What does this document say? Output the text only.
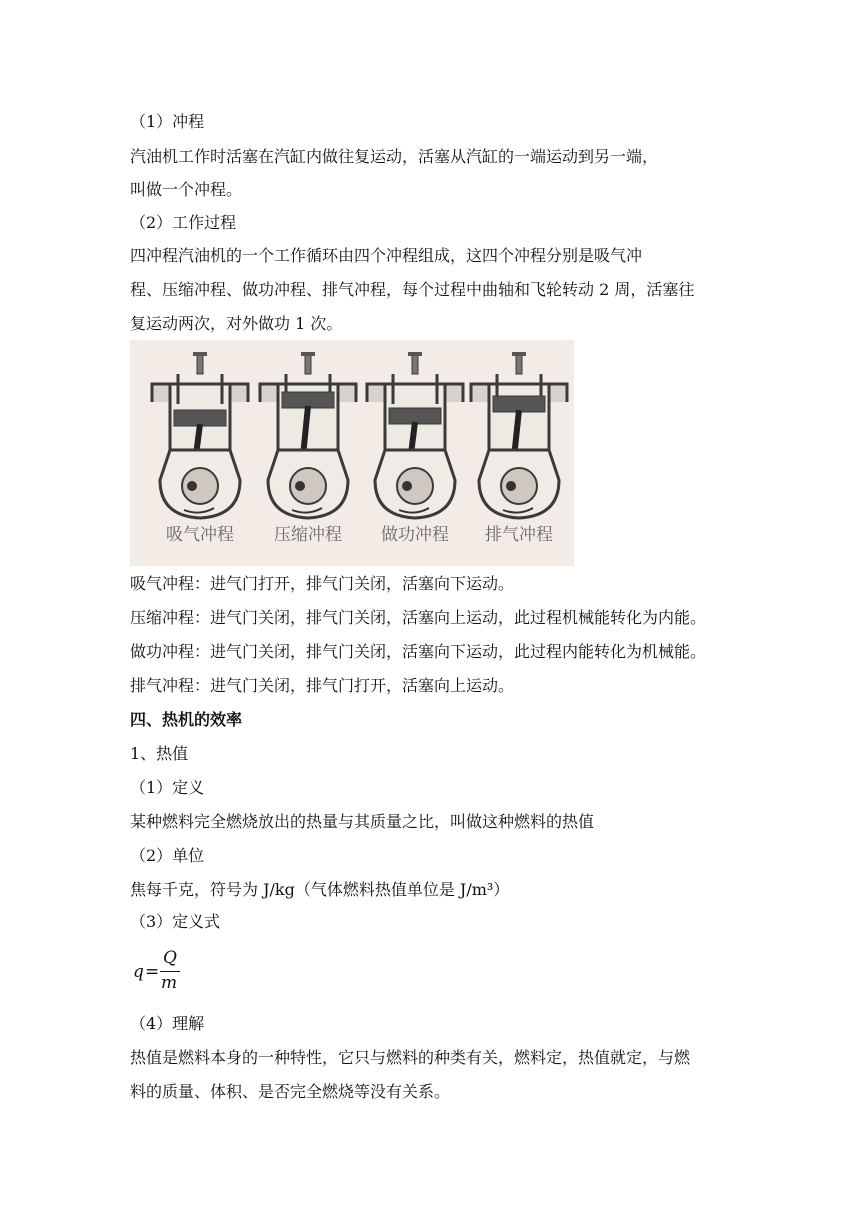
（1）冲程

汽油机工作时活塞在汽缸内做往复运动，活塞从汽缸的一端运动到另一端，

叫做一个冲程。

（2）工作过程

四冲程汽油机的一个工作循环由四个冲程组成，这四个冲程分别是吸气冲

程、压缩冲程、做功冲程、排气冲程，每个过程中曲轴和飞轮转动 2 周，活塞往

复运动两次，对外做功 1 次。

吸气冲程 压缩冲程 做功冲程 排气冲程

吸气冲程：进气门打开，排气门关闭，活塞向下运动。

压缩冲程：进气门关闭，排气门关闭，活塞向上运动，此过程机械能转化为内能。

做功冲程：进气门关闭，排气门关闭，活塞向下运动，此过程内能转化为机械能。

排气冲程：进气门关闭，排气门打开，活塞向上运动。

四、热机的效率

1、热值

（1）定义

某种燃料完全燃烧放出的热量与其质量之比，叫做这种燃料的热值

（2）单位

焦每千克，符号为 J/kg（气体燃料热值单位是 J/m³）

（3）定义式

q =
Q
m

（4）理解

热值是燃料本身的一种特性，它只与燃料的种类有关，燃料定，热值就定，与燃

料的质量、体积、是否完全燃烧等没有关系。
